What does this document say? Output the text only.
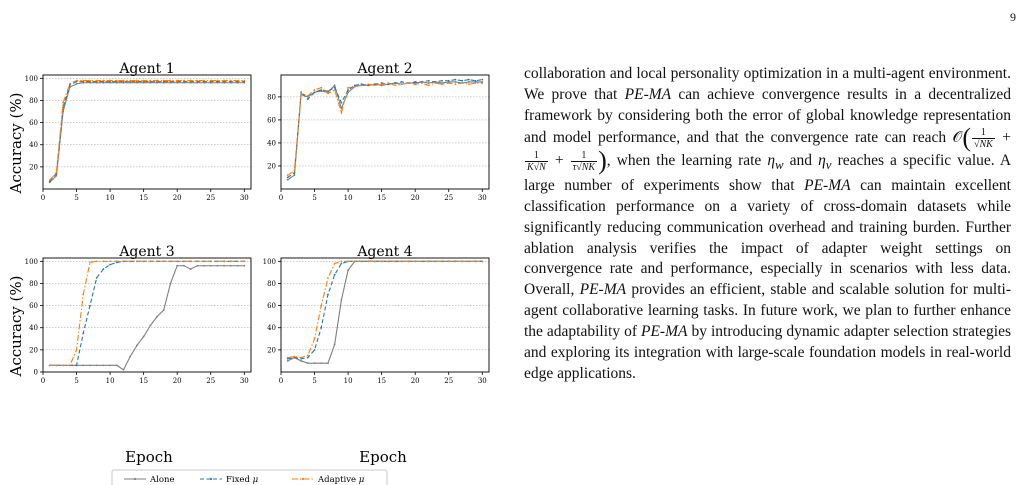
9
20
40
60
80
100
0	5	10	15	20	25	30
Agent 1
20
40
60
80
0	5	10	15	20	25	30
Agent 2
0
20
40
60
80
100
0	5	10	15	20	25	30
Agent 3
20
40
60
80
100
0	5	10	15	20	25	30
Agent 4
Accuracy (%)
Accuracy (%)
Epoch	Epoch
Alone	Fixed μ	Adaptive μ

collaboration and local personality optimization in a multi-agent environment. We prove that PE-MA can achieve convergence results in a decentralized framework by considering both the error of global knowledge representation and model performance, and that the convergence rate can reach 𝒪( $\frac{1}{√NK}$ +
$\frac{1}{K√N} + \frac{1}{\tau√NK}$ ), when the learning rate $\eta_w$ and $\eta_v$ reaches a specific value. A large number of experiments show that PE-MA can maintain excellent classification performance on a variety of cross-domain datasets while significantly reducing communication overhead and training burden. Further ablation analysis verifies the impact of adapter weight settings on convergence rate and performance, especially in scenarios with less data. Overall, PE-MA provides an efficient, stable and scalable solution for multi-agent collaborative learning tasks. In future work, we plan to further enhance the adaptability of PE-MA by introducing dynamic adapter selection strategies and exploring its integration with large-scale foundation models in real-world edge applications.
